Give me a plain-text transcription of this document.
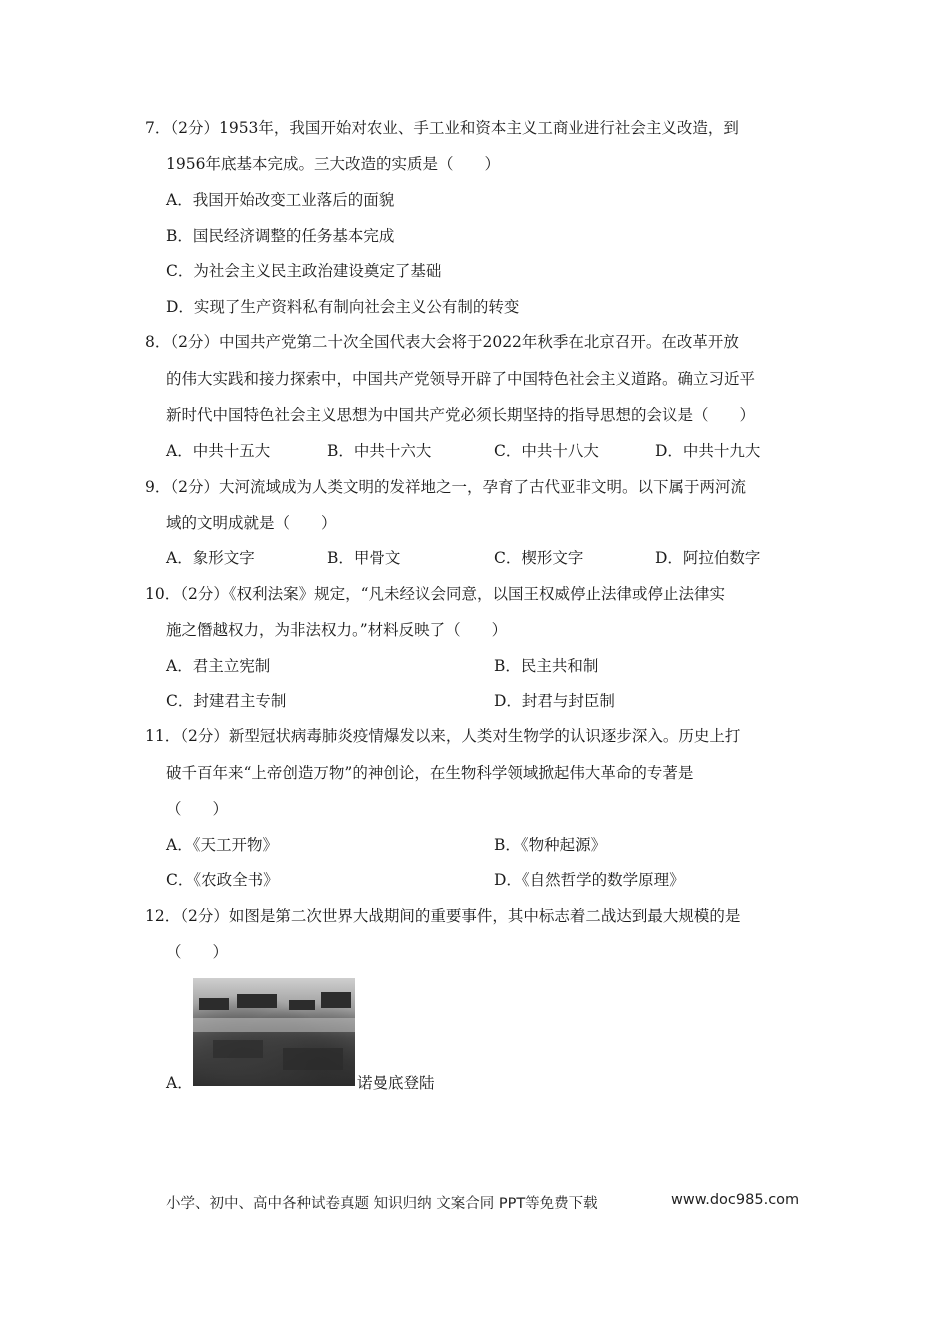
7．（2分）1953年，我国开始对农业、手工业和资本主义工商业进行社会主义改造，到
1956年底基本完成。三大改造的实质是（　　）
A．我国开始改变工业落后的面貌
B．国民经济调整的任务基本完成
C．为社会主义民主政治建设奠定了基础
D．实现了生产资料私有制向社会主义公有制的转变
8．（2分）中国共产党第二十次全国代表大会将于2022年秋季在北京召开。在改革开放
的伟大实践和接力探索中，中国共产党领导开辟了中国特色社会主义道路。确立习近平
新时代中国特色社会主义思想为中国共产党必须长期坚持的指导思想的会议是（　　）
A．中共十五大	B．中共十六大	C．中共十八大	D．中共十九大
9．（2分）大河流域成为人类文明的发祥地之一，孕育了古代亚非文明。以下属于两河流
域的文明成就是（　　）
A．象形文字	B．甲骨文	C．楔形文字	D．阿拉伯数字
10．（2分）《权利法案》规定，“凡未经议会同意，以国王权威停止法律或停止法律实
施之僭越权力，为非法权力。”材料反映了（　　）
A．君主立宪制	B．民主共和制
C．封建君主专制	D．封君与封臣制
11．（2分）新型冠状病毒肺炎疫情爆发以来，人类对生物学的认识逐步深入。历史上打
破千百年来“上帝创造万物”的神创论，在生物科学领域掀起伟大革命的专著是
（　　）
A．《天工开物》	B．《物种起源》
C．《农政全书》	D．《自然哲学的数学原理》
12．（2分）如图是第二次世界大战期间的重要事件，其中标志着二战达到最大规模的是
（　　）
A．	诺曼底登陆
小学、初中、高中各种试卷真题 知识归纳 文案合同 PPT等免费下载	www.doc985.com
